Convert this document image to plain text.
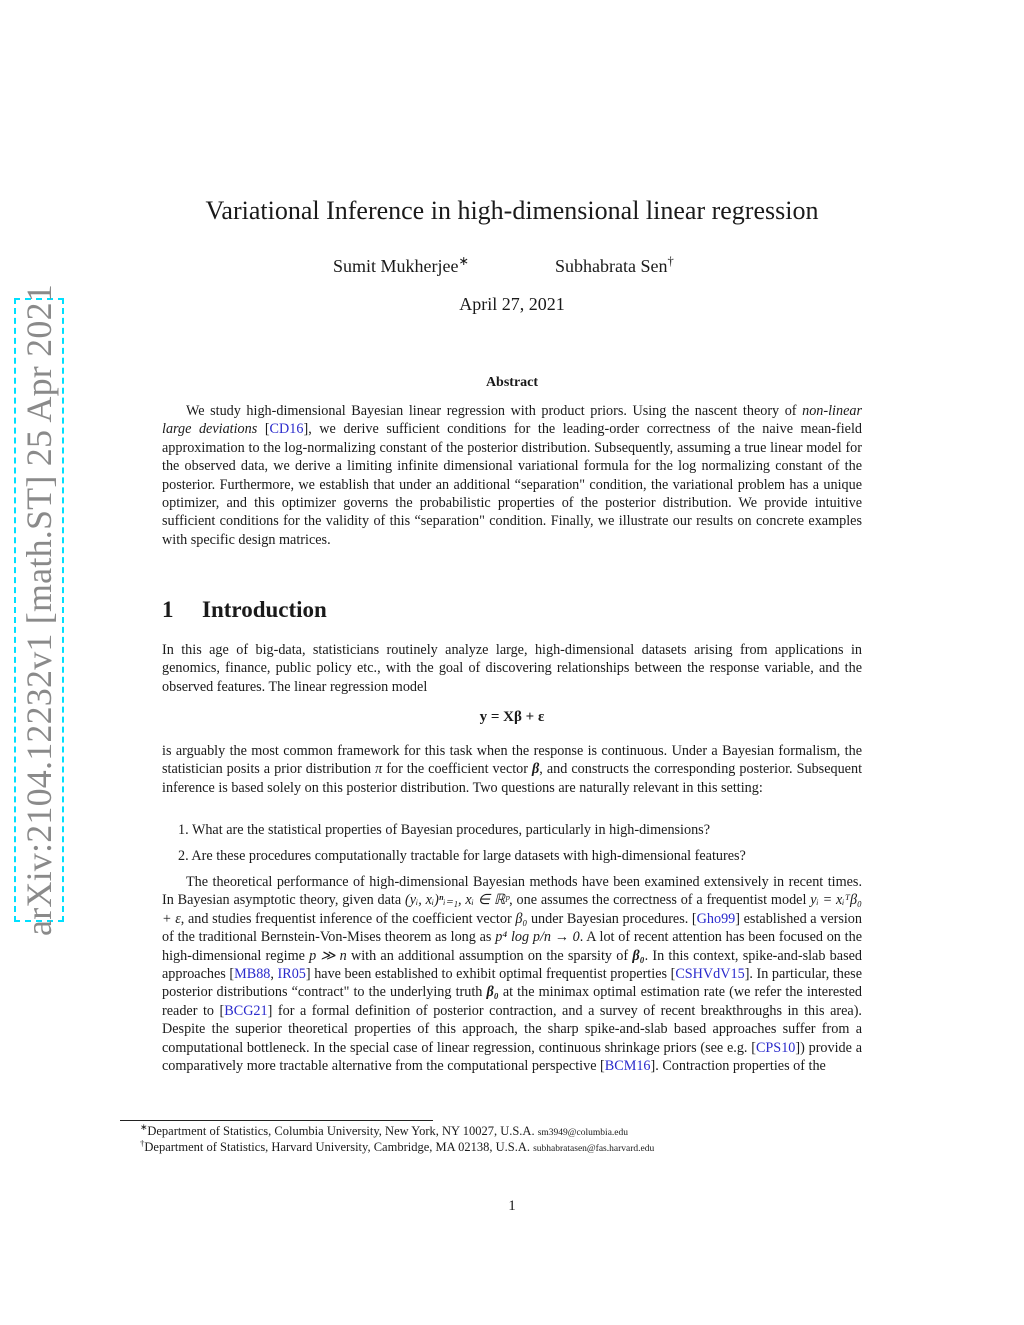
arXiv:2104.12232v1 [math.ST] 25 Apr 2021
Variational Inference in high-dimensional linear regression
Sumit Mukherjee∗	Subhabrata Sen†
April 27, 2021
Abstract
We study high-dimensional Bayesian linear regression with product priors. Using the nascent theory of non-linear large deviations [CD16], we derive sufficient conditions for the leading-order correctness of the naive mean-field approximation to the log-normalizing constant of the posterior distribution. Subsequently, assuming a true linear model for the observed data, we derive a limiting infinite dimensional variational formula for the log normalizing constant of the posterior. Furthermore, we establish that under an additional “separation" condition, the variational problem has a unique optimizer, and this optimizer governs the probabilistic properties of the posterior distribution. We provide intuitive sufficient conditions for the validity of this “separation" condition. Finally, we illustrate our results on concrete examples with specific design matrices.
1 Introduction
In this age of big-data, statisticians routinely analyze large, high-dimensional datasets arising from applications in genomics, finance, public policy etc., with the goal of discovering relationships between the response variable, and the observed features. The linear regression model
y = Xβ + ε
is arguably the most common framework for this task when the response is continuous. Under a Bayesian formalism, the statistician posits a prior distribution π for the coefficient vector β, and constructs the corresponding posterior. Subsequent inference is based solely on this posterior distribution. Two questions are naturally relevant in this setting:
1. What are the statistical properties of Bayesian procedures, particularly in high-dimensions?
2. Are these procedures computationally tractable for large datasets with high-dimensional features?
The theoretical performance of high-dimensional Bayesian methods have been examined extensively in recent times. In Bayesian asymptotic theory, given data (yᵢ, xᵢ)ⁿᵢ₌₁, xᵢ ∈ ℝᵖ, one assumes the correctness of a frequentist model yᵢ = xᵢᵀβ₀ + ε, and studies frequentist inference of the coefficient vector β₀ under Bayesian procedures. [Gho99] established a version of the traditional Bernstein-Von-Mises theorem as long as p⁴ log p/n → 0. A lot of recent attention has been focused on the high-dimensional regime p ≫ n with an additional assumption on the sparsity of β₀. In this context, spike-and-slab based approaches [MB88, IR05] have been established to exhibit optimal frequentist properties [CSHVdV15]. In particular, these posterior distributions “contract" to the underlying truth β₀ at the minimax optimal estimation rate (we refer the interested reader to [BCG21] for a formal definition of posterior contraction, and a survey of recent breakthroughs in this area). Despite the superior theoretical properties of this approach, the sharp spike-and-slab based approaches suffer from a computational bottleneck. In the special case of linear regression, continuous shrinkage priors (see e.g. [CPS10]) provide a comparatively more tractable alternative from the computational perspective [BCM16]. Contraction properties of the
∗Department of Statistics, Columbia University, New York, NY 10027, U.S.A. sm3949@columbia.edu
†Department of Statistics, Harvard University, Cambridge, MA 02138, U.S.A. subhabratasen@fas.harvard.edu
1
